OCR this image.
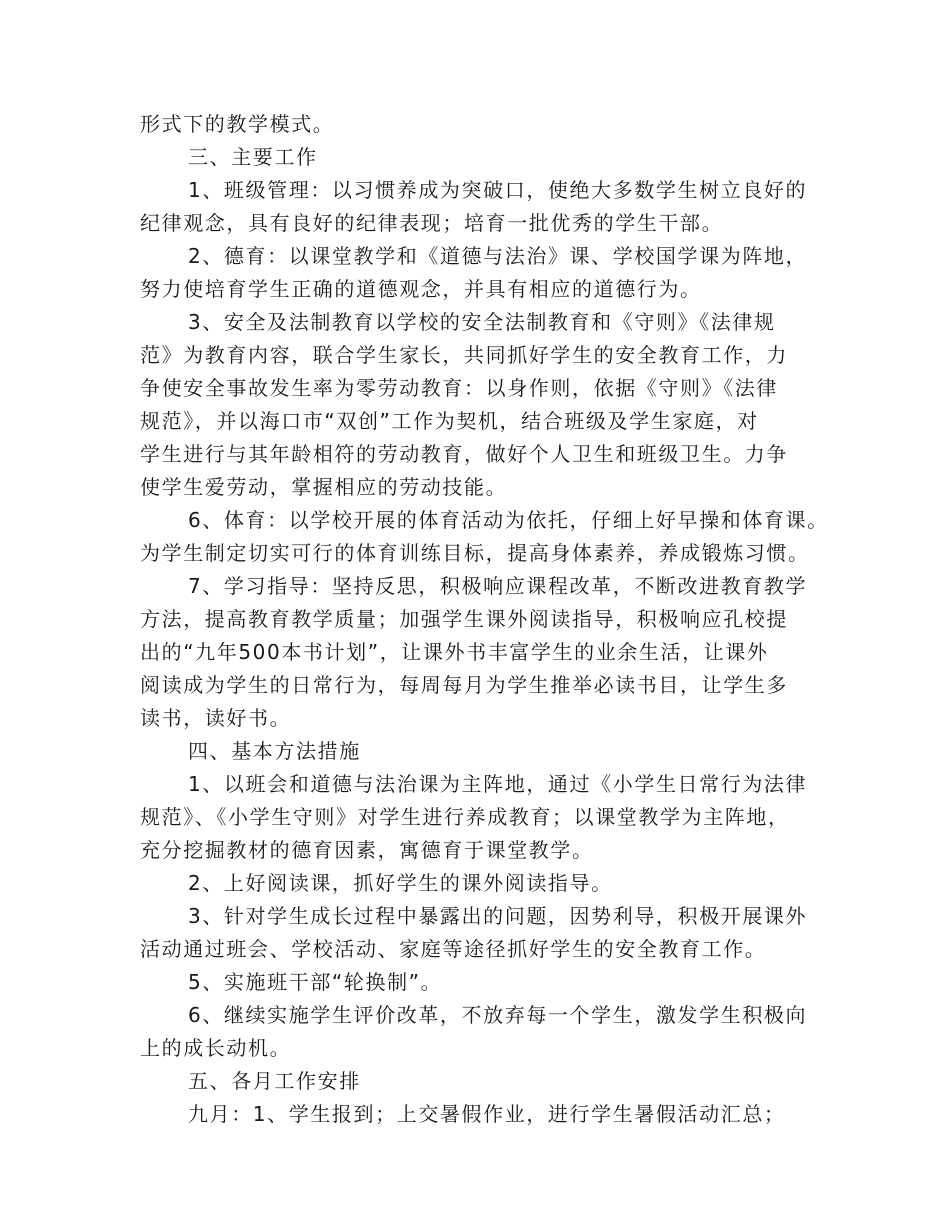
形式下的教学模式。
三、主要工作
1、班级管理：以习惯养成为突破口，使绝大多数学生树立良好的
纪律观念，具有良好的纪律表现；培育一批优秀的学生干部。
2、德育：以课堂教学和《道德与法治》课、学校国学课为阵地，
努力使培育学生正确的道德观念，并具有相应的道德行为。
3、安全及法制教育以学校的安全法制教育和《守则》《法律规
范》为教育内容，联合学生家长，共同抓好学生的安全教育工作，力
争使安全事故发生率为零劳动教育：以身作则，依据《守则》《法律
规范》，并以海口市“双创”工作为契机，结合班级及学生家庭，对
学生进行与其年龄相符的劳动教育，做好个人卫生和班级卫生。力争
使学生爱劳动，掌握相应的劳动技能。
6、体育：以学校开展的体育活动为依托，仔细上好早操和体育课。
为学生制定切实可行的体育训练目标，提高身体素养，养成锻炼习惯。
7、学习指导：坚持反思，积极响应课程改革，不断改进教育教学
方法，提高教育教学质量；加强学生课外阅读指导，积极响应孔校提
出的“九年500本书计划”，让课外书丰富学生的业余生活，让课外
阅读成为学生的日常行为，每周每月为学生推举必读书目，让学生多
读书，读好书。
四、基本方法措施
1、以班会和道德与法治课为主阵地，通过《小学生日常行为法律
规范》、《小学生守则》对学生进行养成教育；以课堂教学为主阵地，
充分挖掘教材的德育因素，寓德育于课堂教学。
2、上好阅读课，抓好学生的课外阅读指导。
3、针对学生成长过程中暴露出的问题，因势利导，积极开展课外
活动通过班会、学校活动、家庭等途径抓好学生的安全教育工作。
5、实施班干部“轮换制”。
6、继续实施学生评价改革，不放弃每一个学生，激发学生积极向
上的成长动机。
五、各月工作安排
九月：1、学生报到；上交暑假作业，进行学生暑假活动汇总；
